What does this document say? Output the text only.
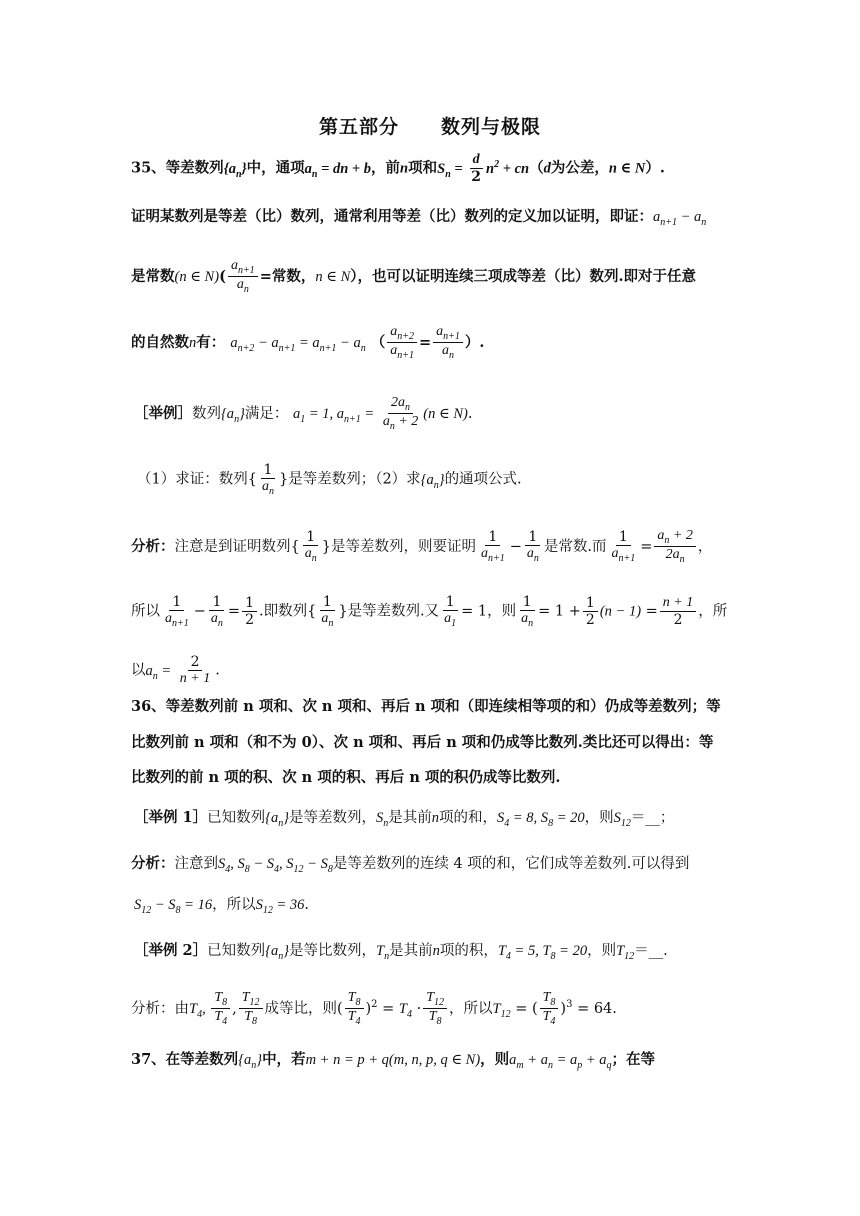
第五部分 数列与极限
35、等差数列$\{a_n\}$中，通项$a_n$ = dn + b，前n项和$S_n = \frac{d}{2} n^2 + cn(d$为公差，n ∈ N）.
证明某数列是等差（比）数列，通常利用等差（比）数列的定义加以证明，即证：$a_{n+1} - a_n$
是常数(n ∈ $N)( \frac{a_{n+1}}{a_n}$ =常数，n ∈ N），也可以证明连续三项成等差（比）数列.即对于任意
的自然数n有： $a_{n+2} - a_{n+1} = a_{n+1} - a_n$ （ $\frac{a_{n+2}}{a_{n+1}} = \frac{a_{n+1}}{a_n}$ ）.
［举例］数列$\{a_n\}$满足： $a_1 = 1$, $a_{n+1} = \frac{2a_n}{a_n + 2} (n$ ∈ N).
（1）求证：数列{ $\frac{1}{a_n}$ }是等差数列；（2）求$\{a_n\}$的通项公式.
分析：注意是到证明数列{ $\frac{1}{a_n}$ }是等差数列，则要证明 $\frac{1}{a_{n+1}} - \frac{1}{a_n}$ 是常数.而 $\frac{1}{a_{n+1}} = \frac{a_n + 2}{2a_n}$ ，
所以 $\frac{1}{a_{n+1}} - \frac{1}{a_n} = \frac{1}{2}$ .即数列{ $\frac{1}{a_n}$ }是等差数列.又 $\frac{1}{a_1} = 1$，则 $\frac{1}{a_n} = 1 + \frac{1}{2} (n - 1) = \frac{n + 1}{2}$ ，所
以$a_n = \frac{2}{n + 1}$ .
36、等差数列前 n 项和、次 n 项和、再后 n 项和（即连续相等项的和）仍成等差数列；等
比数列前 n 项和（和不为 0）、次 n 项和、再后 n 项和仍成等比数列.类比还可以得出：等
比数列的前 n 项的积、次 n 项的积、再后 n 项的积仍成等比数列.
［举例 1］已知数列$\{a_n\}$是等差数列，$S_n$是其前n项的和，$S_4 = 8$, $S_8 = 20$，则$S_{12}=\_\_$；
分析：注意到$S_4$, $S_8 - S_4$, $S_{12} - S_8$是等差数列的连续 4 项的和，它们成等差数列.可以得到
$S_{12} - S_8 = 16$，所以$S_{12} = 36$.
［举例 2］已知数列$\{a_n\}$是等比数列，$T_n$是其前n项的积，$T_4 = 5$, $T_8 = 20$，则$T_{12}=\_\_$.
分析：由$T_4$, $\frac{T_8}{T_4}$ , $\frac{T_{12}}{T_8}$ 成等比，则( $\frac{T_8}{T_4} )^2 = T_4 \cdot \frac{T_{12}}{T_8}$ ，所以$T_{12}$ = ( $\frac{T_8}{T_4} )^3 = 64$.
37、在等差数列$\{a_n\}$中，若m + n = p + q(m, n, p, q ∈ N)，则$a_m + a_n = a_p + a_q$；在等
